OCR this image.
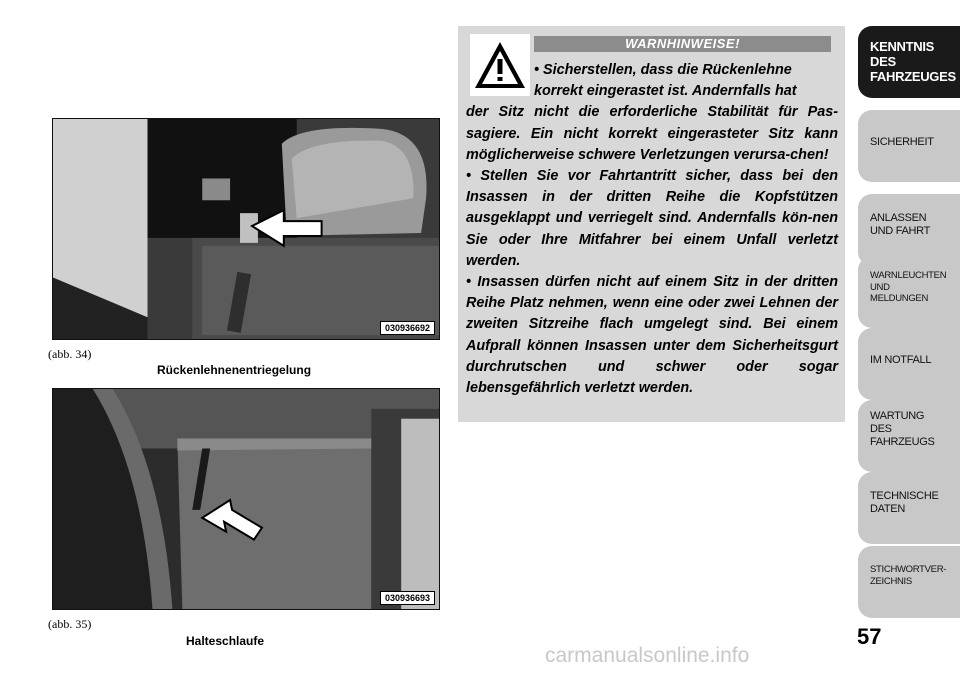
030936692
(abb. 34)
Rückenlehnenentriegelung
030936693
(abb. 35)
Halteschlaufe
WARNHINWEISE!

• Sicherstellen, dass die Rückenlehne

korrekt eingerastet ist. Andernfalls hat

der Sitz nicht die erforderliche Stabilität für Pas-sagiere. Ein nicht korrekt eingerasteter Sitz kann möglicherweise schwere Verletzungen verursa-chen!

• Stellen Sie vor Fahrtantritt sicher, dass bei den Insassen in der dritten Reihe die Kopfstützen ausgeklappt und verriegelt sind. Andernfalls kön-nen Sie oder Ihre Mitfahrer bei einem Unfall verletzt werden.

• Insassen dürfen nicht auf einem Sitz in der dritten Reihe Platz nehmen, wenn eine oder zwei Lehnen der zweiten Sitzreihe flach umgelegt sind. Bei einem Aufprall können Insassen unter dem Sicherheitsgurt durchrutschen und schwer oder sogar lebensgefährlich verletzt werden.

KENNTNIS
DES
FAHRZEUGES
SICHERHEIT
ANLASSEN
UND FAHRT
WARNLEUCHTEN
UND
MELDUNGEN
IM NOTFALL
WARTUNG
DES
FAHRZEUGS
TECHNISCHE
DATEN
STICHWORTVER-
ZEICHNIS
57
carmanualsonline.info
